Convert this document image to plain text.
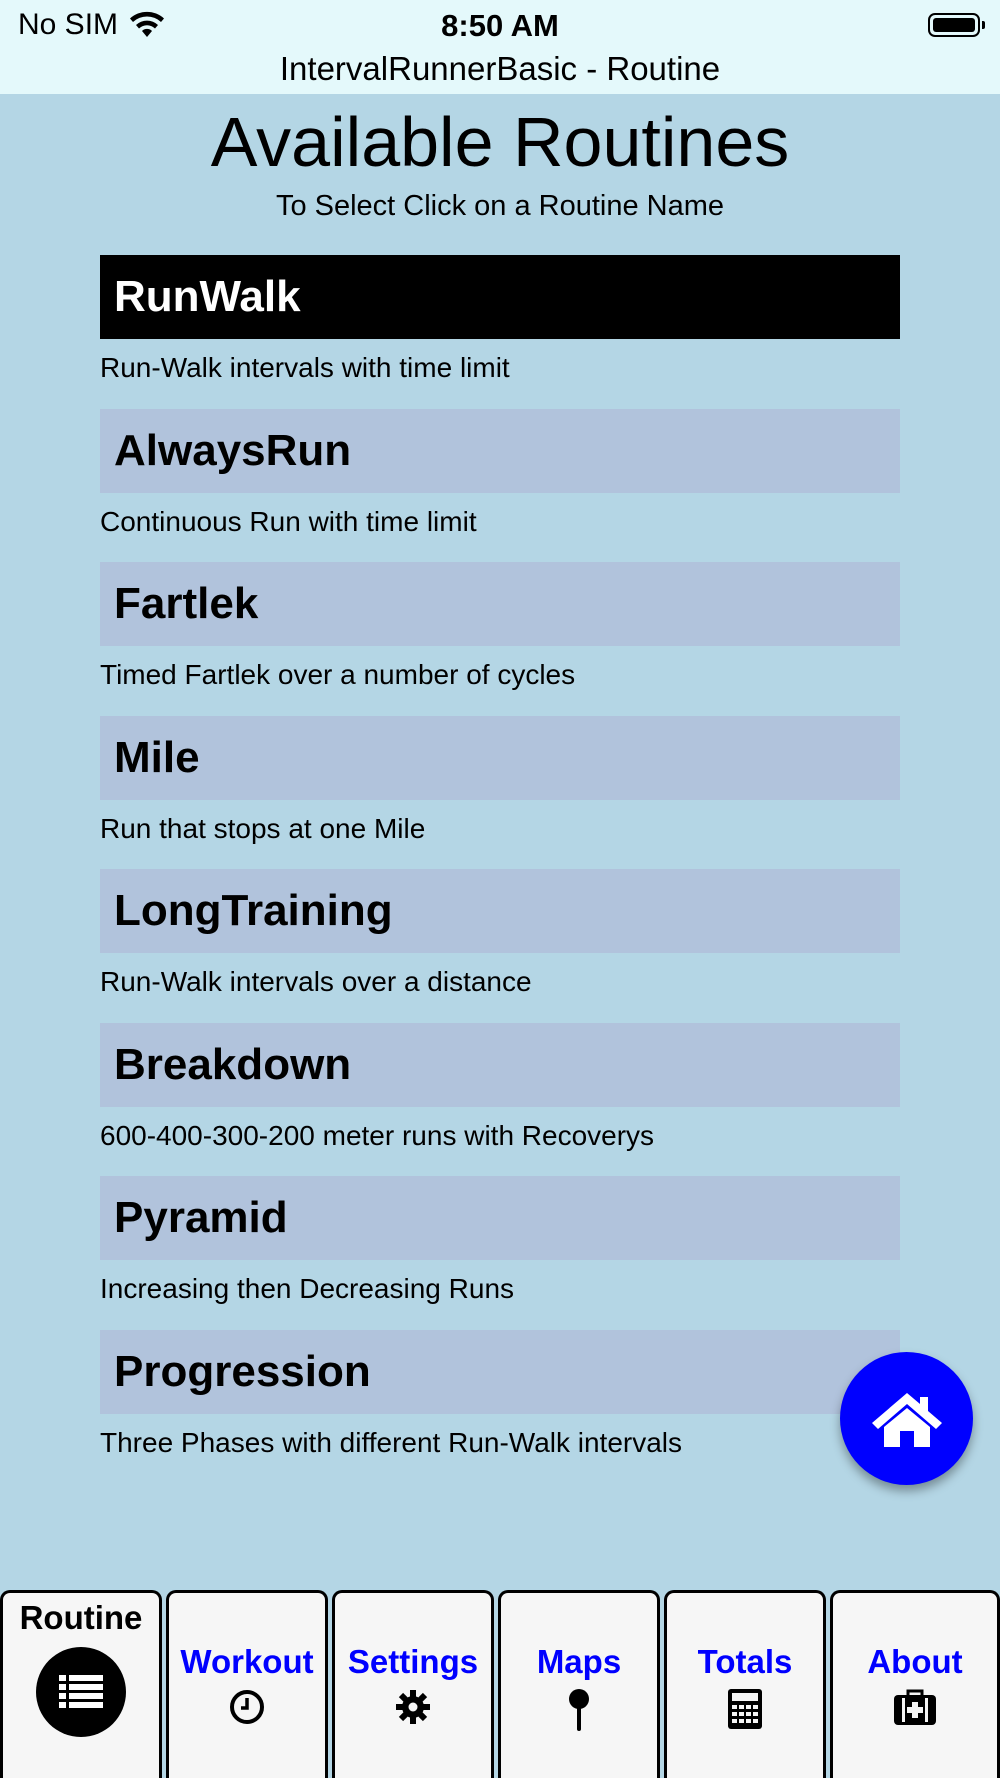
No SIM	8:50 AM
IntervalRunnerBasic - Routine
Available Routines
To Select Click on a Routine Name
RunWalk
Run-Walk intervals with time limit
AlwaysRun
Continuous Run with time limit
Fartlek
Timed Fartlek over a number of cycles
Mile
Run that stops at one Mile
LongTraining
Run-Walk intervals over a distance
Breakdown
600-400-300-200 meter runs with Recoverys
Pyramid
Increasing then Decreasing Runs
Progression
Three Phases with different Run-Walk intervals
Routine
Workout	Settings	Maps	Totals	About
